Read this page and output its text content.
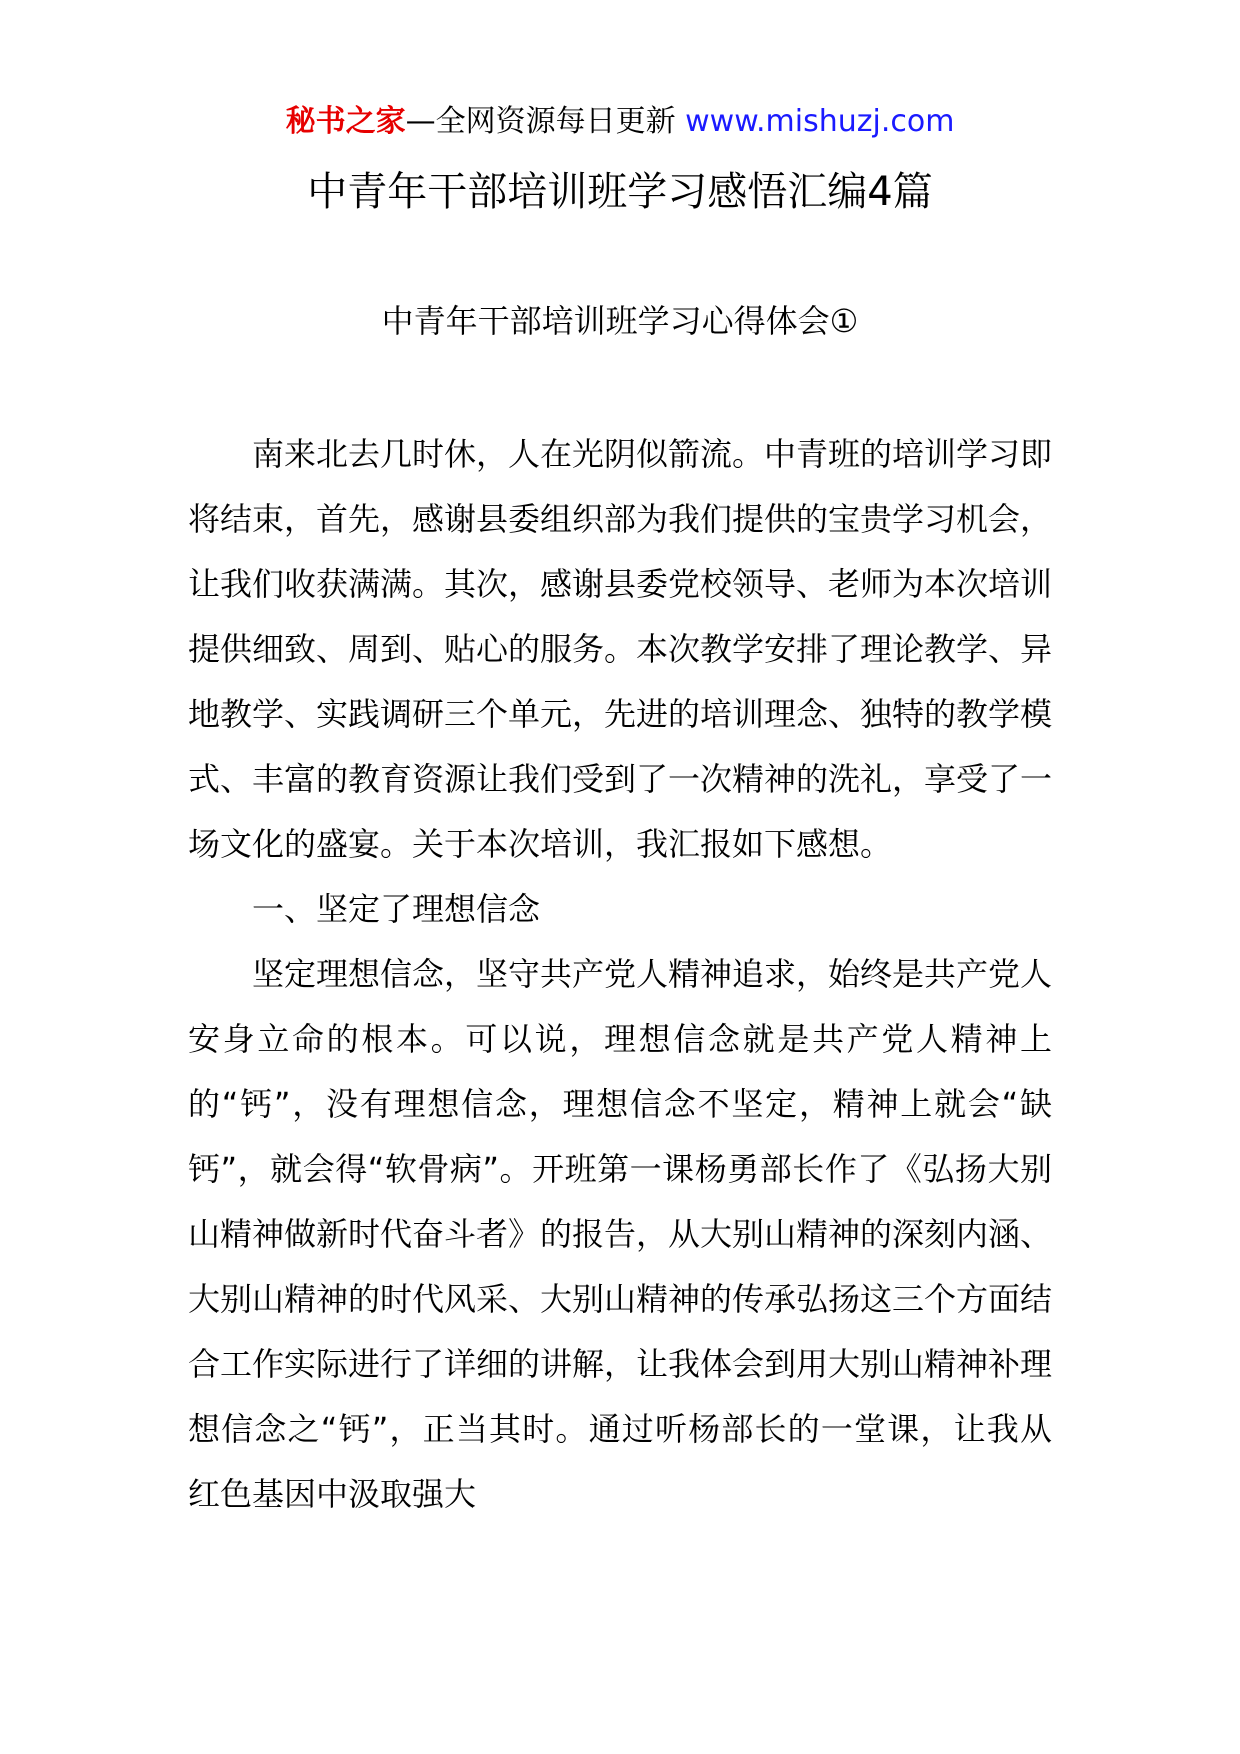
秘书之家—全网资源每日更新 www.mishuzj.com
中青年干部培训班学习感悟汇编4篇
中青年干部培训班学习心得体会①

南来北去几时休，人在光阴似箭流。中青班的培训学习即将结束，首先，感谢县委组织部为我们提供的宝贵学习机会，让我们收获满满。其次，感谢县委党校领导、老师为本次培训提供细致、周到、贴心的服务。本次教学安排了理论教学、异地教学、实践调研三个单元，先进的培训理念、独特的教学模式、丰富的教育资源让我们受到了一次精神的洗礼，享受了一场文化的盛宴。关于本次培训，我汇报如下感想。

一、坚定了理想信念

坚定理想信念，坚守共产党人精神追求，始终是共产党人安身立命的根本。可以说，理想信念就是共产党人精神上的“钙”，没有理想信念，理想信念不坚定，精神上就会“缺钙”，就会得“软骨病”。开班第一课杨勇部长作了《弘扬大别山精神做新时代奋斗者》的报告，从大别山精神的深刻内涵、大别山精神的时代风采、大别山精神的传承弘扬这三个方面结合工作实际进行了详细的讲解，让我体会到用大别山精神补理想信念之“钙”，正当其时。通过听杨部长的一堂课，让我从红色基因中汲取强大
